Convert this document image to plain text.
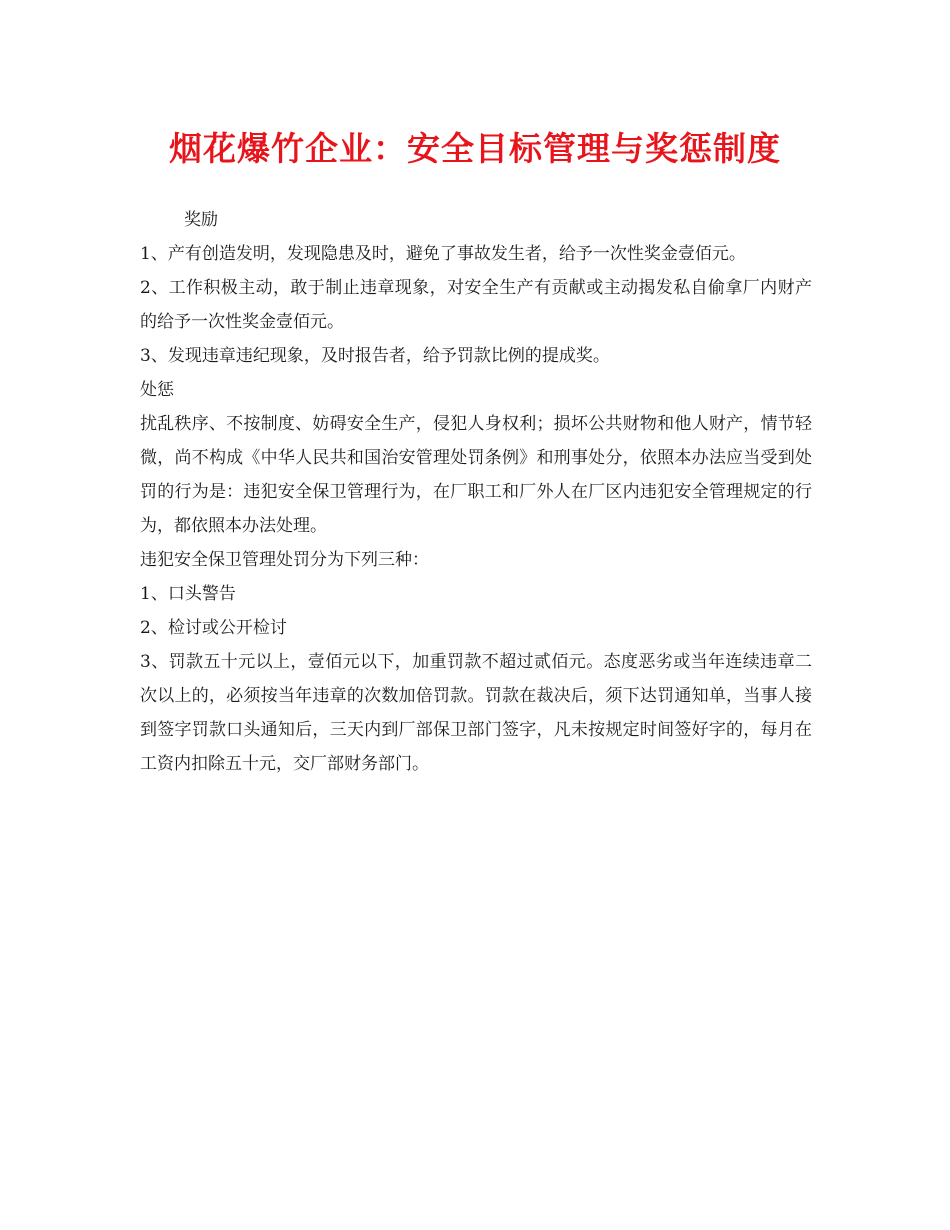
烟花爆竹企业：安全目标管理与奖惩制度
奖励
1、产有创造发明，发现隐患及时，避免了事故发生者，给予一次性奖金壹佰元。
2、工作积极主动，敢于制止违章现象，对安全生产有贡献或主动揭发私自偷拿厂内财产的给予一次性奖金壹佰元。
3、发现违章违纪现象，及时报告者，给予罚款比例的提成奖。
处惩
扰乱秩序、不按制度、妨碍安全生产，侵犯人身权利；损坏公共财物和他人财产，情节轻微，尚不构成《中华人民共和国治安管理处罚条例》和刑事处分，依照本办法应当受到处罚的行为是：违犯安全保卫管理行为，在厂职工和厂外人在厂区内违犯安全管理规定的行为，都依照本办法处理。
违犯安全保卫管理处罚分为下列三种：
1、口头警告
2、检讨或公开检讨
3、罚款五十元以上，壹佰元以下，加重罚款不超过贰佰元。态度恶劣或当年连续违章二次以上的，必须按当年违章的次数加倍罚款。罚款在裁决后，须下达罚通知单，当事人接到签字罚款口头通知后，三天内到厂部保卫部门签字，凡未按规定时间签好字的，每月在工资内扣除五十元，交厂部财务部门。
